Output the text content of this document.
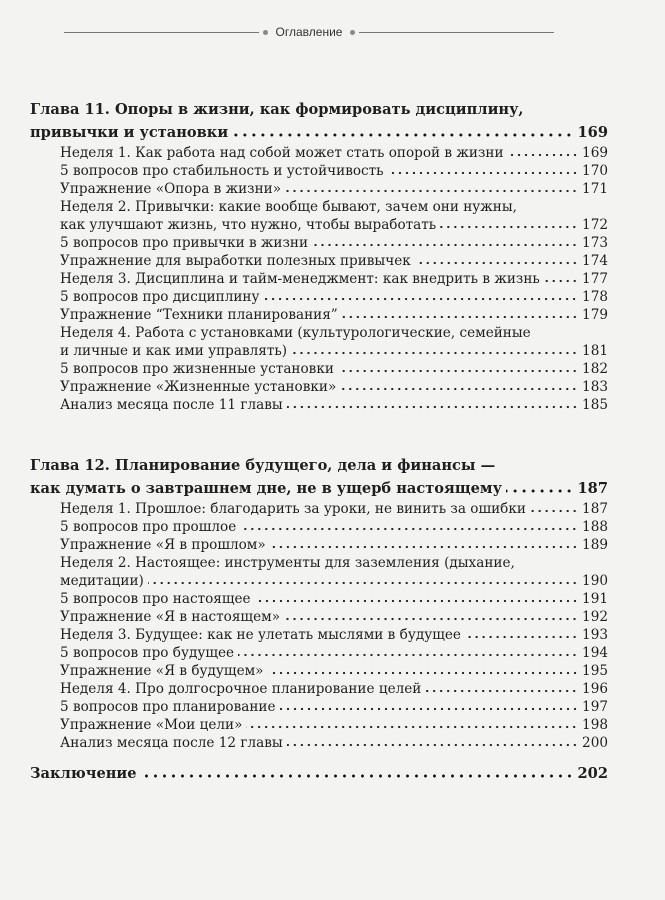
Оглавление
Глава 11. Опоры в жизни, как формировать дисциплину,
привычки и установки	169
Неделя 1. Как работа над собой может стать опорой в жизни	169
5 вопросов про стабильность и устойчивость	170
Упражнение «Опора в жизни»	171
Неделя 2. Привычки: какие вообще бывают, зачем они нужны,
как улучшают жизнь, что нужно, чтобы выработать	172
5 вопросов про привычки в жизни	173
Упражнение для выработки полезных привычек	174
Неделя 3. Дисциплина и тайм-менеджмент: как внедрить в жизнь	177
5 вопросов про дисциплину	178
Упражнение “Техники планирования”	179
Неделя 4. Работа с установками (культурологические, семейные
и личные и как ими управлять)	181
5 вопросов про жизненные установки	182
Упражнение «Жизненные установки»	183
Анализ месяца после 11 главы	185
Глава 12. Планирование будущего, дела и финансы —
как думать о завтрашнем дне, не в ущерб настоящему	187
Неделя 1. Прошлое: благодарить за уроки, не винить за ошибки	187
5 вопросов про прошлое	188
Упражнение «Я в прошлом»	189
Неделя 2. Настоящее: инструменты для заземления (дыхание,
медитации)	190
5 вопросов про настоящее	191
Упражнение «Я в настоящем»	192
Неделя 3. Будущее: как не улетать мыслями в будущее	193
5 вопросов про будущее	194
Упражнение «Я в будущем»	195
Неделя 4. Про долгосрочное планирование целей	196
5 вопросов про планирование	197
Упражнение «Мои цели»	198
Анализ месяца после 12 главы	200
Заключение	202
